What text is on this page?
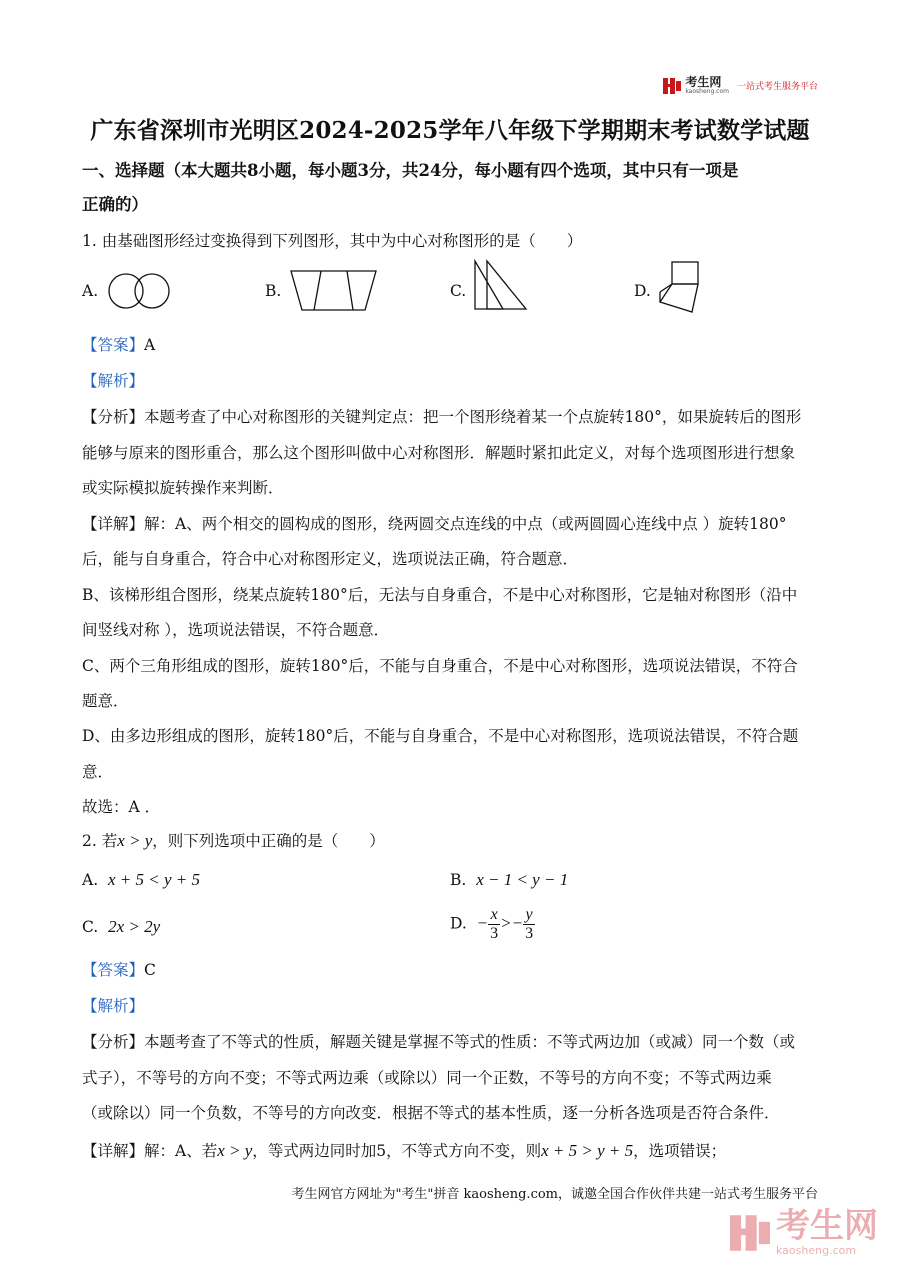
考生网
kaosheng.com 一站式考生服务平台
广东省深圳市光明区2024-2025学年八年级下学期期末考试数学试题
一、选择题（本大题共8小题，每小题3分，共24分，每小题有四个选项，其中只有一项是
正确的）
1. 由基础图形经过变换得到下列图形，其中为中心对称图形的是（　　）
A.	B.	C.	D.
【答案】A
【解析】
【分析】本题考查了中心对称图形的关键判定点：把一个图形绕着某一个点旋转180°，如果旋转后的图形
能够与原来的图形重合，那么这个图形叫做中心对称图形．解题时紧扣此定义，对每个选项图形进行想象
或实际模拟旋转操作来判断．
【详解】解：A、两个相交的圆构成的图形，绕两圆交点连线的中点（或两圆圆心连线中点 ）旋转180°
后，能与自身重合，符合中心对称图形定义，选项说法正确，符合题意．
B、该梯形组合图形，绕某点旋转180°后，无法与自身重合，不是中心对称图形，它是轴对称图形（沿中
间竖线对称 ），选项说法错误，不符合题意．
C、两个三角形组成的图形，旋转180°后，不能与自身重合，不是中心对称图形，选项说法错误，不符合
题意．
D、由多边形组成的图形，旋转180°后，不能与自身重合，不是中心对称图形，选项说法错误，不符合题
意．
故选：A ．
2. 若x > y，则下列选项中正确的是（　　）
A. x + 5 < y + 5	B. x − 1 < y − 1
C. 2x > 2y	D. − $\frac{x}{3} >- \frac{y}{3}$
【答案】C
【解析】
【分析】本题考查了不等式的性质，解题关键是掌握不等式的性质：不等式两边加（或减）同一个数（或
式子），不等号的方向不变；不等式两边乘（或除以）同一个正数，不等号的方向不变；不等式两边乘
（或除以）同一个负数，不等号的方向改变．根据不等式的基本性质，逐一分析各选项是否符合条件．
【详解】解：A、若x > y，等式两边同时加5，不等式方向不变，则x + 5 > y + 5，选项错误；
考生网官方网址为"考生"拼音 kaosheng.com，诚邀全国合作伙伴共建一站式考生服务平台
考生网
kaosheng.com
